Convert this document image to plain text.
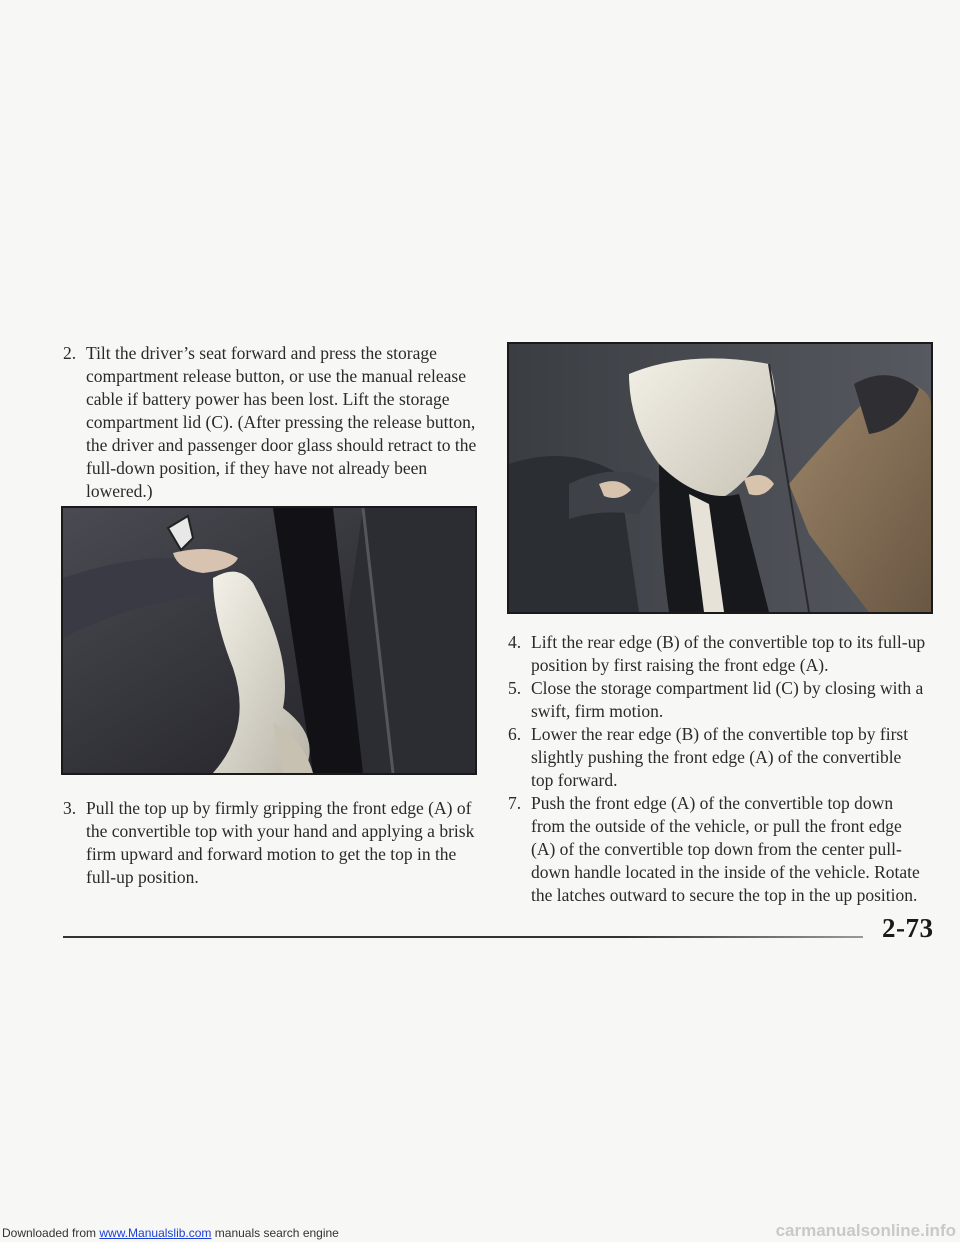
2. Tilt the driver’s seat forward and press the storage compartment release button, or use the manual release cable if battery power has been lost. Lift the storage compartment lid (C). (After pressing the release button, the driver and passenger door glass should retract to the full-down position, if they have not already been lowered.)
3. Pull the top up by firmly gripping the front edge (A) of the convertible top with your hand and applying a brisk firm upward and forward motion to get the top in the full-up position.
4. Lift the rear edge (B) of the convertible top to its full-up position by first raising the front edge (A).
5. Close the storage compartment lid (C) by closing with a swift, firm motion.
6. Lower the rear edge (B) of the convertible top by first slightly pushing the front edge (A) of the convertible top forward.
7. Push the front edge (A) of the convertible top down from the outside of the vehicle, or pull the front edge (A) of the convertible top down from the center pull-down handle located in the inside of the vehicle. Rotate the latches outward to secure the top in the up position.
2-73
Downloaded from www.Manualslib.com manuals search engine	carmanualsonline.info
